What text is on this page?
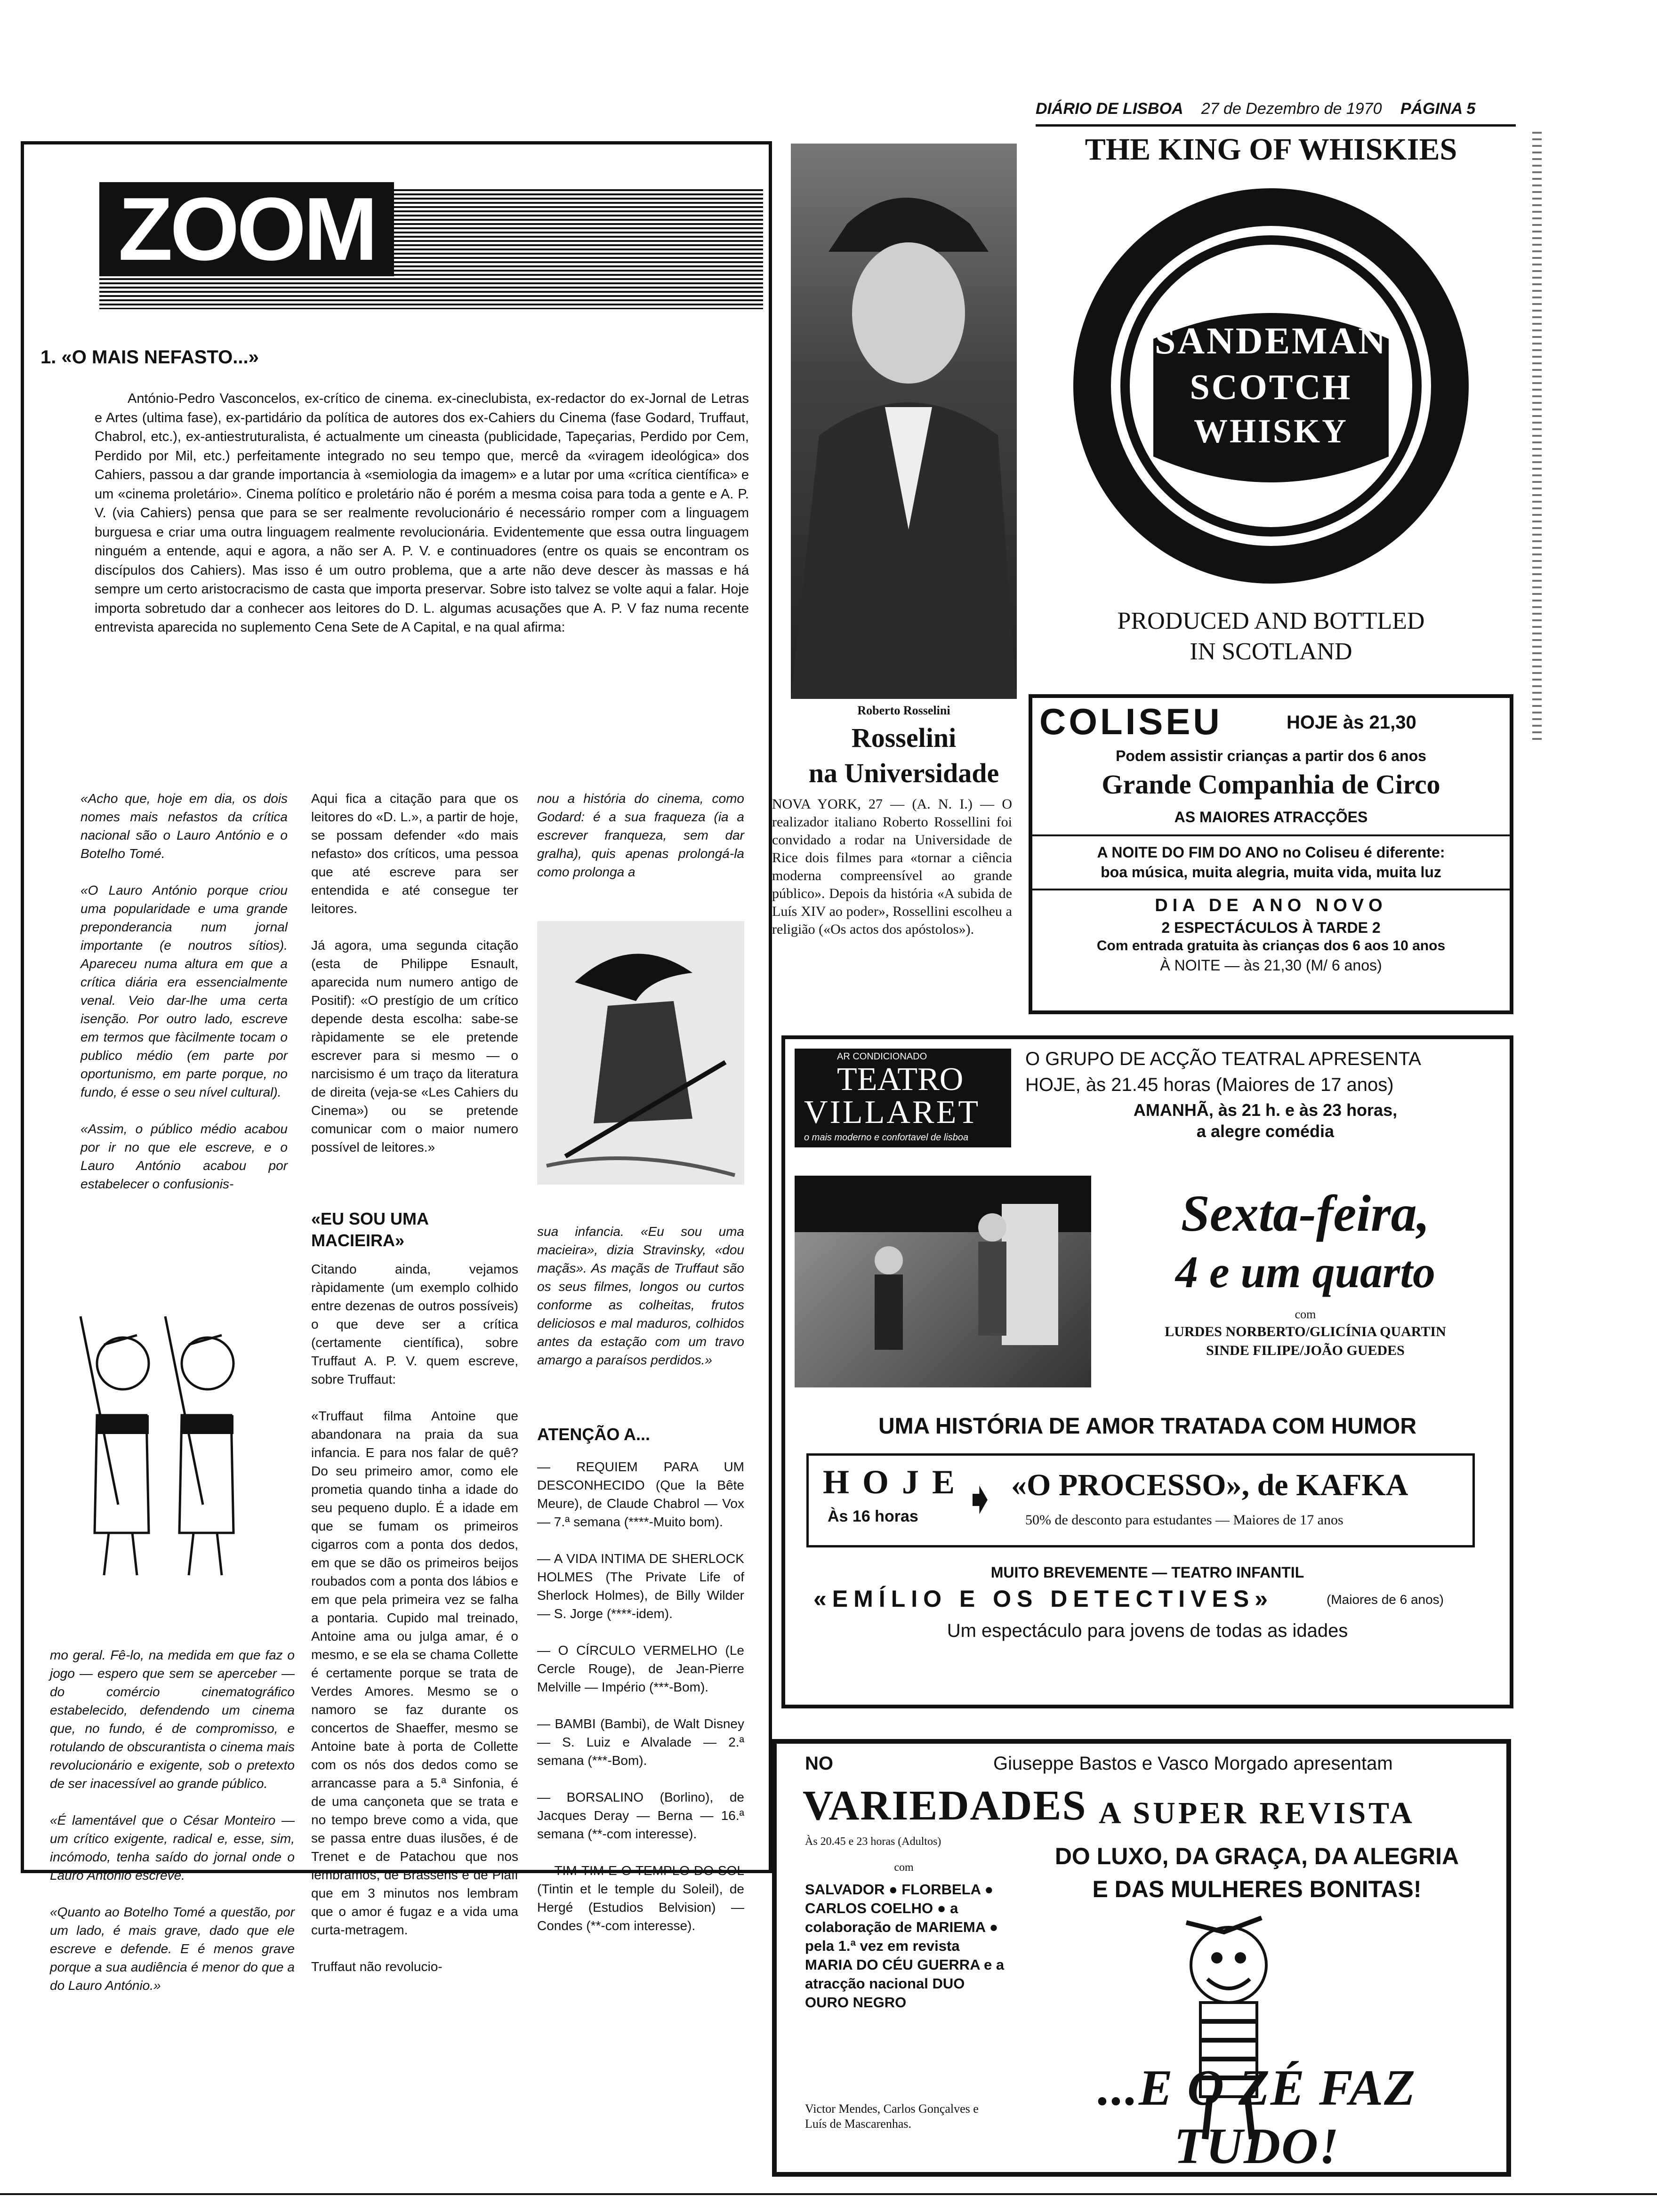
DIÁRIO DE LISBOA 27 de Dezembro de 1970 PÁGINA 5
ZOOM
1. «O MAIS NEFASTO...»

António-Pedro Vasconcelos, ex-crítico de cinema. ex-cineclubista, ex-redactor do ex-Jornal de Letras e Artes (ultima fase), ex-partidário da política de autores dos ex-Cahiers du Cinema (fase Godard, Truffaut, Chabrol, etc.), ex-antiestruturalista, é actualmente um cineasta (publicidade, Tapeçarias, Perdido por Cem, Perdido por Mil, etc.) perfeitamente integrado no seu tempo que, mercê da «viragem ideológica» dos Cahiers, passou a dar grande importancia à «semiologia da imagem» e a lutar por uma «crítica científica» e um «cinema proletário». Cinema político e proletário não é porém a mesma coisa para toda a gente e A. P. V. (via Cahiers) pensa que para se ser realmente revolucionário é necessário romper com a linguagem burguesa e criar uma outra linguagem realmente revolucionária. Evidentemente que essa outra linguagem ninguém a entende, aqui e agora, a não ser A. P. V. e continuadores (entre os quais se encontram os discípulos dos Cahiers). Mas isso é um outro problema, que a arte não deve descer às massas e há sempre um certo aristocracismo de casta que importa preservar. Sobre isto talvez se volte aqui a falar. Hoje importa sobretudo dar a conhecer aos leitores do D. L. algumas acusações que A. P. V faz numa recente entrevista aparecida no suplemento Cena Sete de A Capital, e na qual afirma:

«Acho que, hoje em dia, os dois nomes mais nefastos da crítica nacional são o Lauro António e o Botelho Tomé.

«O Lauro António porque criou uma popularidade e uma grande preponderancia num jornal importante (e noutros sítios). Apareceu numa altura em que a crítica diária era essencialmente venal. Veio dar-lhe uma certa isenção. Por outro lado, escreve em termos que fàcilmente tocam o publico médio (em parte por oportunismo, em parte porque, no fundo, é esse o seu nível cultural).

«Assim, o público médio acabou por ir no que ele escreve, e o Lauro António acabou por estabelecer o confusionis-

mo geral. Fê-lo, na medida em que faz o jogo — espero que sem se aperceber — do comércio cinematográfico estabelecido, defendendo um cinema que, no fundo, é de compromisso, e rotulando de obscurantista o cinema mais revolucionário e exigente, sob o pretexto de ser inacessível ao grande público.

«É lamentável que o César Monteiro — um crítico exigente, radical e, esse, sim, incómodo, tenha saído do jornal onde o Lauro António escreve.

«Quanto ao Botelho Tomé a questão, por um lado, é mais grave, dado que ele escreve e defende. E é menos grave porque a sua audiência é menor do que a do Lauro António.»

Aqui fica a citação para que os leitores do «D. L.», a partir de hoje, se possam defender «do mais nefasto» dos críticos, uma pessoa que até escreve para ser entendida e até consegue ter leitores.

Já agora, uma segunda citação (esta de Philippe Esnault, aparecida num numero antigo de Positif): «O prestígio de um crítico depende desta escolha: sabe-se ràpidamente se ele pretende escrever para si mesmo — o narcisismo é um traço da literatura de direita (veja-se «Les Cahiers du Cinema») ou se pretende comunicar com o maior numero possível de leitores.»

«EU SOU UMA MACIEIRA»

Citando ainda, vejamos ràpidamente (um exemplo colhido entre dezenas de outros possíveis) o que deve ser a crítica (certamente científica), sobre Truffaut A. P. V. quem escreve, sobre Truffaut:

«Truffaut filma Antoine que abandonara na praia da sua infancia. E para nos falar de quê? Do seu primeiro amor, como ele prometia quando tinha a idade do seu pequeno duplo. É a idade em que se fumam os primeiros cigarros com a ponta dos dedos, em que se dão os primeiros beijos roubados com a ponta dos lábios e em que pela primeira vez se falha a pontaria. Cupido mal treinado, Antoine ama ou julga amar, é o mesmo, e se ela se chama Collette é certamente porque se trata de Verdes Amores. Mesmo se o namoro se faz durante os concertos de Shaeffer, mesmo se Antoine bate à porta de Collette com os nós dos dedos como se arrancasse para a 5.ª Sinfonia, é de uma cançoneta que se trata e no tempo breve como a vida, que se passa entre duas ilusões, é de Trenet e de Patachou que nos lembramos, de Brassens e de Piaff que em 3 minutos nos lembram que o amor é fugaz e a vida uma curta-metragem.

Truffaut não revolucio-

nou a história do cinema, como Godard: é a sua fraqueza (ia a escrever franqueza, sem dar gralha), quis apenas prolongá-la como prolonga a

sua infancia. «Eu sou uma macieira», dizia Stravinsky, «dou maçãs». As maçãs de Truffaut são os seus filmes, longos ou curtos conforme as colheitas, frutos deliciosos e mal maduros, colhidos antes da estação com um travo amargo a paraísos perdidos.»

ATENÇÃO A...

— REQUIEM PARA UM DESCONHECIDO (Que la Bête Meure), de Claude Chabrol — Vox — 7.ª semana (****-Muito bom).

— A VIDA INTIMA DE SHERLOCK HOLMES (The Private Life of Sherlock Holmes), de Billy Wilder — S. Jorge (****-idem).

— O CÍRCULO VERMELHO (Le Cercle Rouge), de Jean-Pierre Melville — Império (***-Bom).

— BAMBI (Bambi), de Walt Disney — S. Luiz e Alvalade — 2.ª semana (***-Bom).

— BORSALINO (Borlino), de Jacques Deray — Berna — 16.ª semana (**-com interesse).

— TIM-TIM E O TEMPLO DO SOL (Tintin et le temple du Soleil), de Hergé (Estudios Belvision) — Condes (**-com interesse).

Roberto Rosselini
Rosselini
na Universidade

NOVA YORK, 27 — (A. N. I.) — O realizador italiano Roberto Rossellini foi convidado a rodar na Universidade de Rice dois filmes para «tornar a ciência moderna compreensível ao grande público». Depois da história «A subida de Luís XIV ao poder», Rossellini escolheu a religião («Os actos dos apóstolos»).

THE KING OF WHISKIES
SANDEMAN
SCOTCH
WHISKY
PRODUCED AND BOTTLED
IN SCOTLAND
COLISEU	HOJE às 21,30
Podem assistir crianças a partir dos 6 anos
Grande Companhia de Circo
AS MAIORES ATRACÇÕES
A NOITE DO FIM DO ANO no Coliseu é diferente:
boa música, muita alegria, muita vida, muita luz
DIA DE ANO NOVO
2 ESPECTÁCULOS À TARDE 2
Com entrada gratuita às crianças dos 6 aos 10 anos
À NOITE — às 21,30 (M/ 6 anos)
AR CONDICIONADO
TEATRO
VILLARET
o mais moderno e confortavel de lisboa
O GRUPO DE ACÇÃO TEATRAL APRESENTA
HOJE, às 21.45 horas (Maiores de 17 anos)
AMANHÃ, às 21 h. e às 23 horas,
a alegre comédia
Sexta-feira,
4 e um quarto
com
LURDES NORBERTO/GLICÍNIA QUARTIN
SINDE FILIPE/JOÃO GUEDES
UMA HISTÓRIA DE AMOR TRATADA COM HUMOR
HOJE
Às 16 horas ➧ «O PROCESSO», de KAFKA
50% de desconto para estudantes — Maiores de 17 anos
MUITO BREVEMENTE — TEATRO INFANTIL
«EMÍLIO E OS DETECTIVES»	(Maiores de 6 anos)
Um espectáculo para jovens de todas as idades
NO	Giuseppe Bastos e Vasco Morgado apresentam
VARIEDADES
Às 20.45 e 23 horas (Adultos)
com

SALVADOR ● FLORBELA ● CARLOS COELHO ● a colaboração de MARIEMA ● pela 1.ª vez em revista MARIA DO CÉU GUERRA e a atracção nacional DUO OURO NEGRO

Victor Mendes, Carlos Gonçalves e Luís de Mascarenhas.

A SUPER REVISTA
DO LUXO, DA GRAÇA, DA ALEGRIA
E DAS MULHERES BONITAS!
...E O ZÉ FAZ TUDO!
